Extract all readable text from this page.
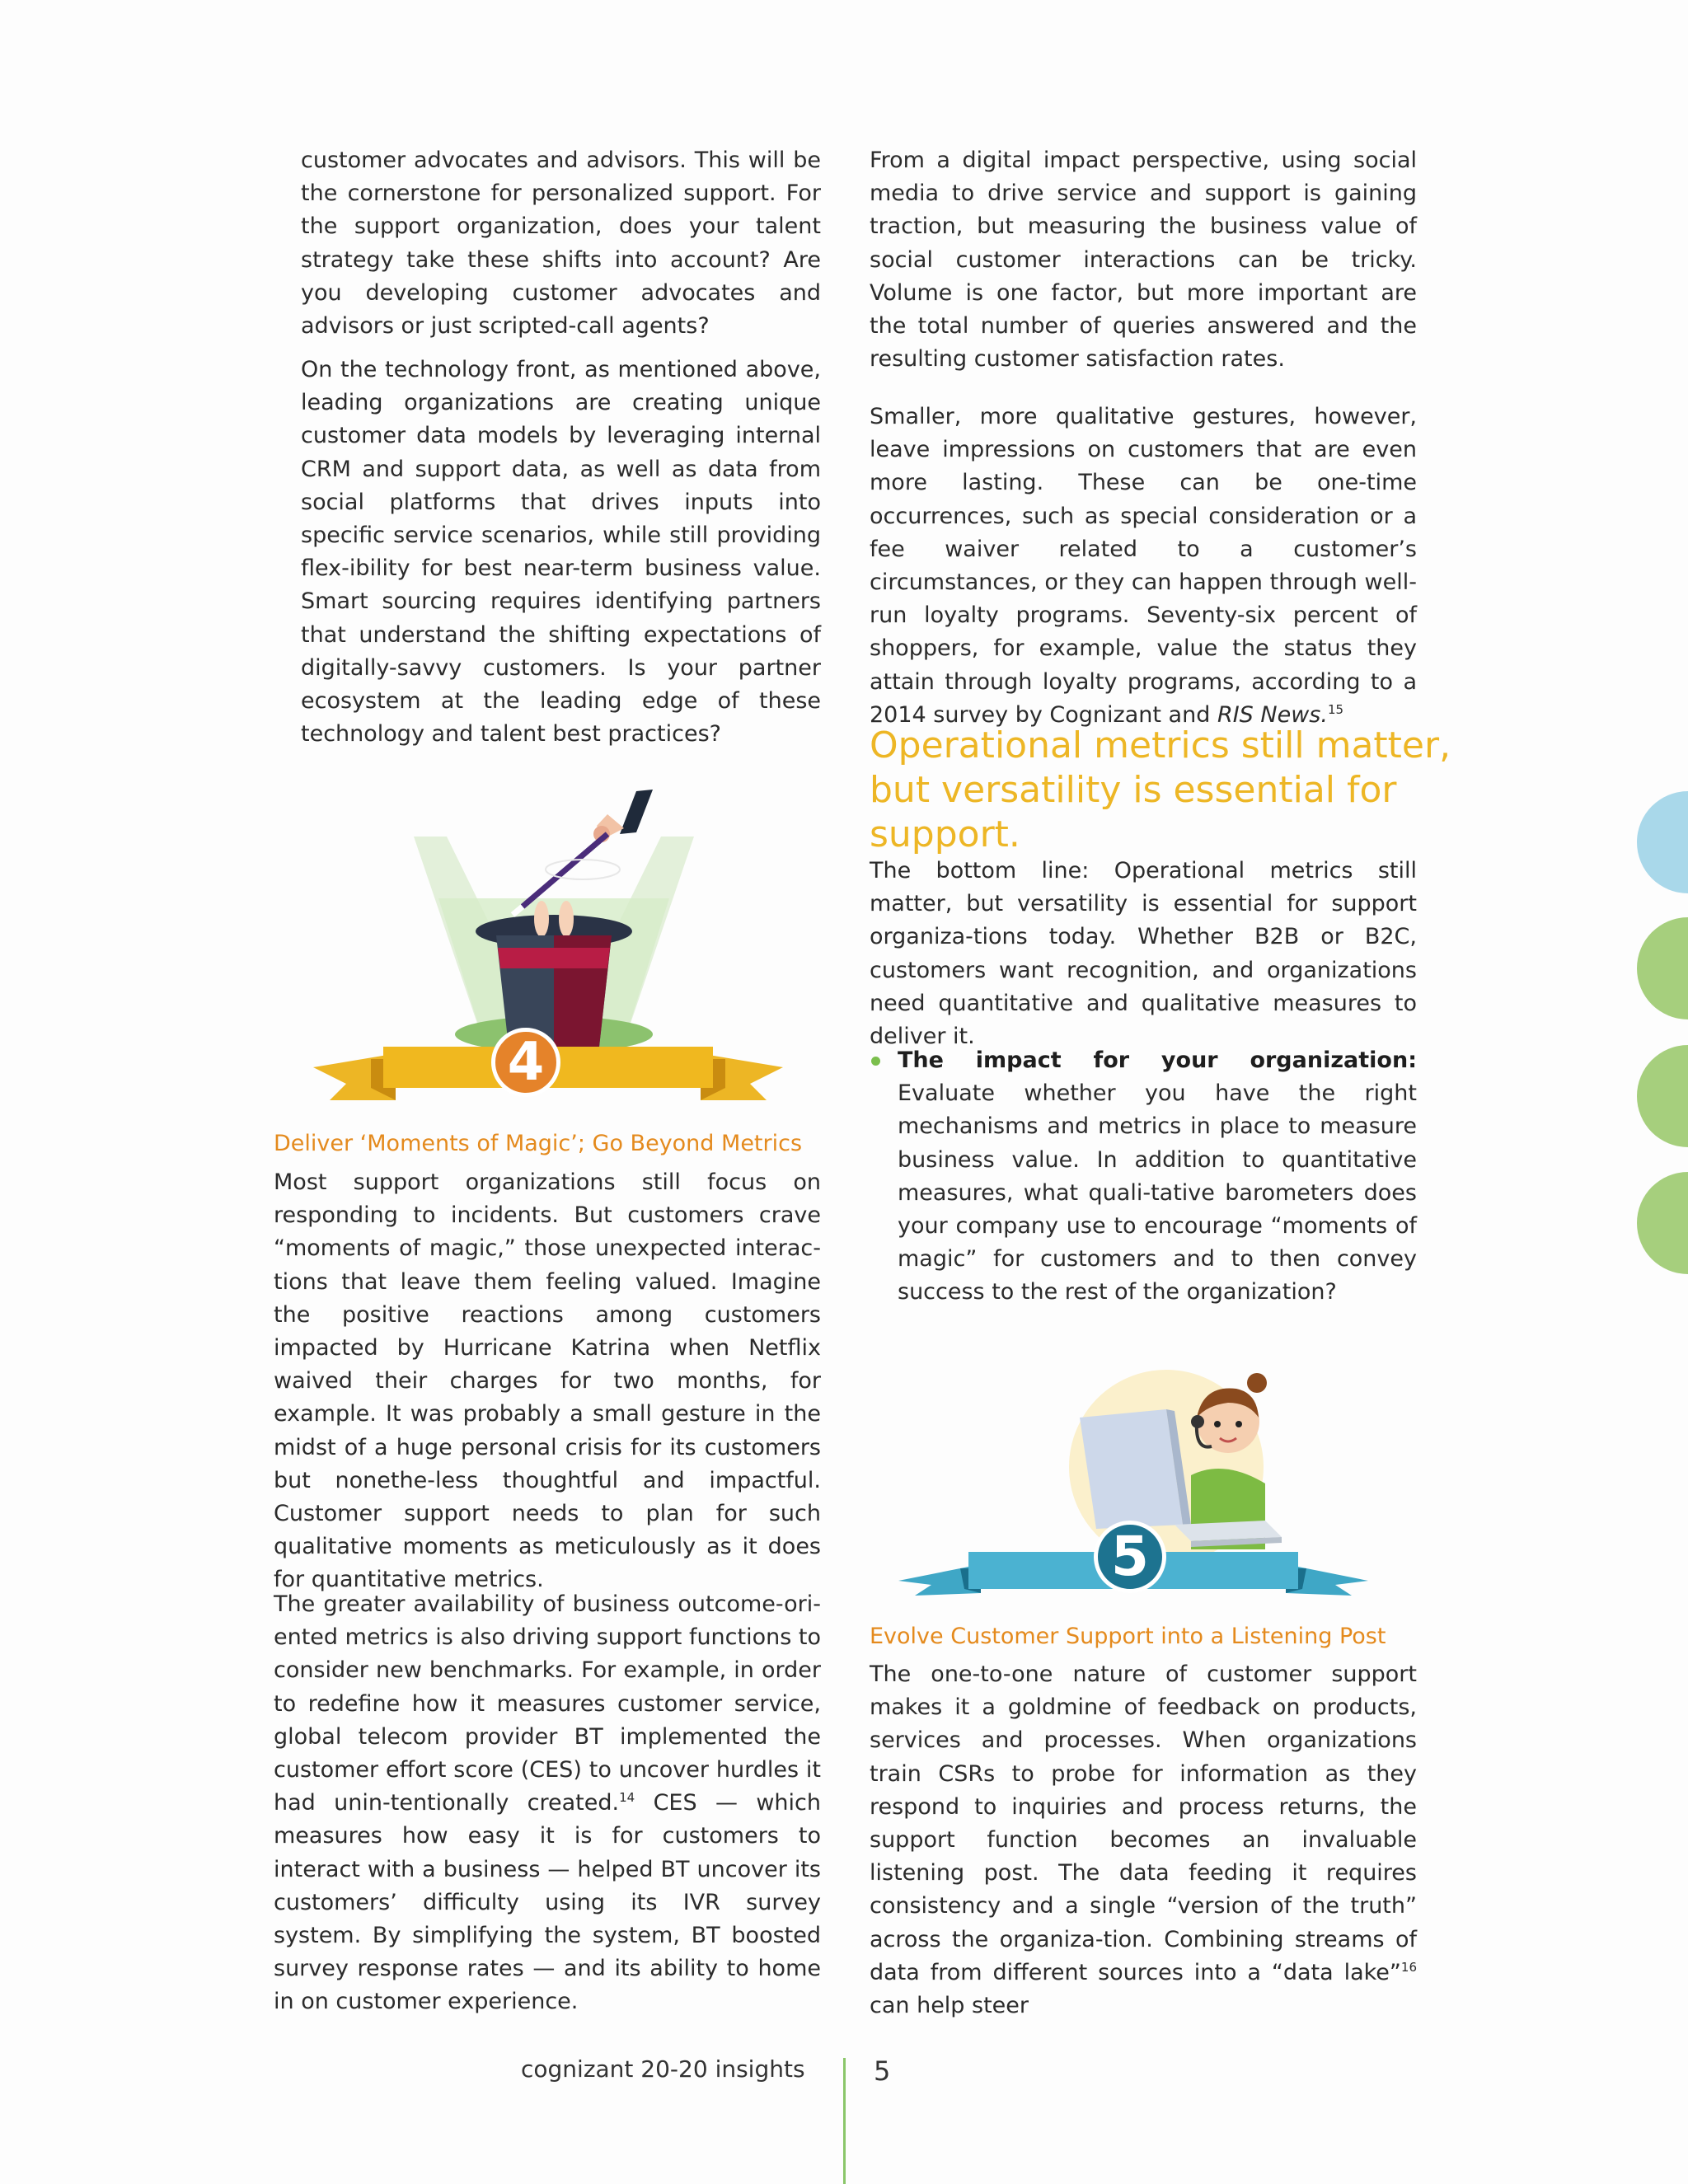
customer advocates and advisors. This will be the cornerstone for personalized support. For the support organization, does your talent strategy take these shifts into account? Are you developing customer advocates and advisors or just scripted-call agents?

On the technology front, as mentioned above, leading organizations are creating unique customer data models by leveraging internal CRM and support data, as well as data from social platforms that drives inputs into specific service scenarios, while still providing flex-ibility for best near-term business value. Smart sourcing requires identifying partners that understand the shifting expectations of digitally-savvy customers. Is your partner ecosystem at the leading edge of these technology and talent best practices?

4

Deliver ‘Moments of Magic’; Go Beyond Metrics

Most support organizations still focus on responding to incidents. But customers crave “moments of magic,” those unexpected interac-tions that leave them feeling valued. Imagine the positive reactions among customers impacted by Hurricane Katrina when Netflix waived their charges for two months, for example. It was probably a small gesture in the midst of a huge personal crisis for its customers but nonethe-less thoughtful and impactful. Customer support needs to plan for such qualitative moments as meticulously as it does for quantitative metrics.

The greater availability of business outcome-ori-ented metrics is also driving support functions to consider new benchmarks. For example, in order to redefine how it measures customer service, global telecom provider BT implemented the customer effort score (CES) to uncover hurdles it had unin-tentionally created.$^{14}$ CES — which measures how easy it is for customers to interact with a business — helped BT uncover its customers’ difficulty using its IVR survey system. By simplifying the system, BT boosted survey response rates — and its ability to home in on customer experience.

From a digital impact perspective, using social media to drive service and support is gaining traction, but measuring the business value of social customer interactions can be tricky. Volume is one factor, but more important are the total number of queries answered and the resulting customer satisfaction rates.

Smaller, more qualitative gestures, however, leave impressions on customers that are even more lasting. These can be one-time occurrences, such as special consideration or a fee waiver related to a customer’s circumstances, or they can happen through well-run loyalty programs. Seventy-six percent of shoppers, for example, value the status they attain through loyalty programs, according to a 2014 survey by Cognizant and RIS News.$^{15}$

Operational metrics still matter, but versatility is essential for support.

The bottom line: Operational metrics still matter, but versatility is essential for support organiza-tions today. Whether B2B or B2C, customers want recognition, and organizations need quantitative and qualitative measures to deliver it.

The impact for your organization: Evaluate whether you have the right mechanisms and metrics in place to measure business value. In addition to quantitative measures, what quali-tative barometers does your company use to encourage “moments of magic” for customers and to then convey success to the rest of the organization?

5

Evolve Customer Support into a Listening Post

The one-to-one nature of customer support makes it a goldmine of feedback on products, services and processes. When organizations train CSRs to probe for information as they respond to inquiries and process returns, the support function becomes an invaluable listening post. The data feeding it requires consistency and a single “version of the truth” across the organiza-tion. Combining streams of data from different sources into a “data lake”$^{16}$ can help steer

cognizant 20-20 insights	5
